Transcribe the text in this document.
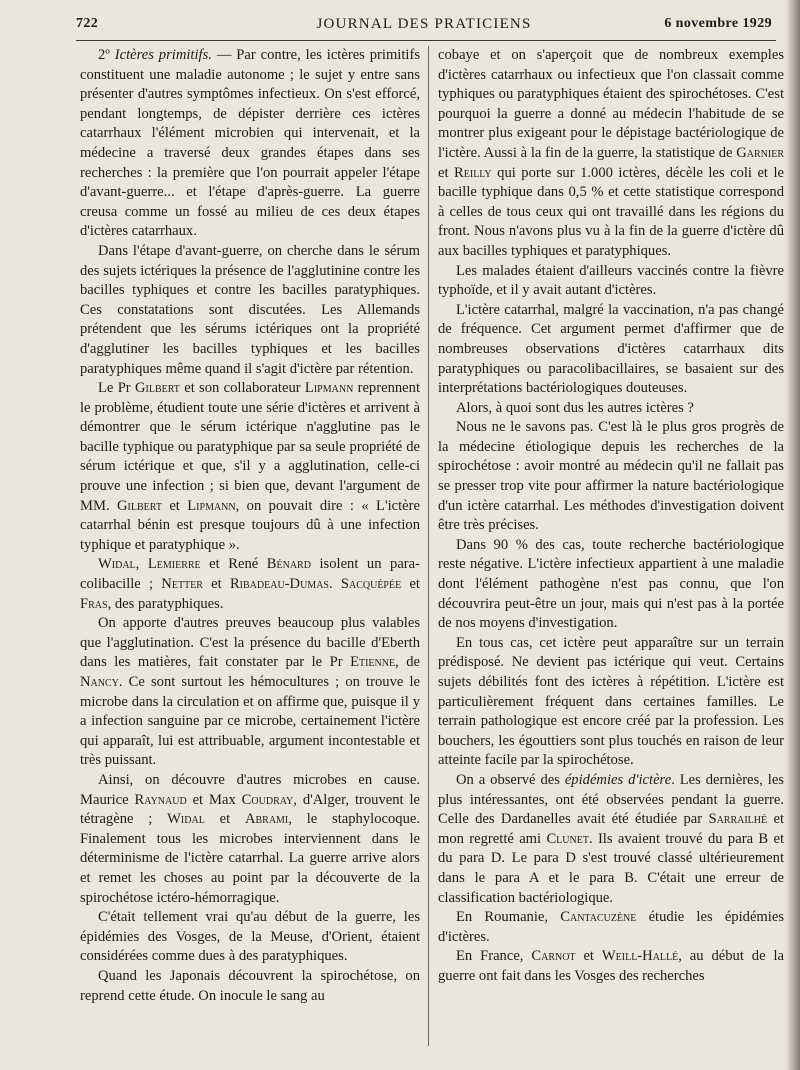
722	JOURNAL DES PRATICIENS	6 novembre 1929

2º Ictères primitifs. — Par contre, les ictères primitifs constituent une maladie autonome ; le sujet y entre sans présenter d'autres symptômes infectieux. On s'est efforcé, pendant longtemps, de dépister derrière ces ictères catarrhaux l'élément microbien qui intervenait, et la médecine a traversé deux grandes étapes dans ses recherches : la première que l'on pourrait appeler l'étape d'avant-guerre... et l'étape d'après-guerre. La guerre creusa comme un fossé au milieu de ces deux étapes d'ictères catarrhaux.

Dans l'étape d'avant-guerre, on cherche dans le sérum des sujets ictériques la présence de l'agglutinine contre les bacilles typhiques et contre les bacilles paratyphiques. Ces constatations sont discutées. Les Allemands prétendent que les sérums ictériques ont la propriété d'agglutiner les bacilles typhiques et les bacilles paratyphiques même quand il s'agit d'ictère par rétention.

Le Pr Gilbert et son collaborateur Lipmann reprennent le problème, étudient toute une série d'ictères et arrivent à démontrer que le sérum ictérique n'agglutine pas le bacille typhique ou paratyphique par sa seule propriété de sérum ictérique et que, s'il y a agglutination, celle-ci prouve une infection ; si bien que, devant l'argument de MM. Gilbert et Lipmann, on pouvait dire : « L'ictère catarrhal bénin est presque toujours dû à une infection typhique et paratyphique ».

Widal, Lemierre et René Bénard isolent un para-colibacille ; Netter et Ribadeau-Dumas. Sacquépée et Fras, des paratyphiques.

On apporte d'autres preuves beaucoup plus valables que l'agglutination. C'est la présence du bacille d'Eberth dans les matières, fait constater par le Pr Etienne, de Nancy. Ce sont surtout les hémocultures ; on trouve le microbe dans la circulation et on affirme que, puisque il y a infection sanguine par ce microbe, certainement l'ictère qui apparaît, lui est attribuable, argument incontestable et très puissant.

Ainsi, on découvre d'autres microbes en cause. Maurice Raynaud et Max Coudray, d'Alger, trouvent le tétragène ; Widal et Abrami, le staphylocoque. Finalement tous les microbes interviennent dans le déterminisme de l'ictère catarrhal. La guerre arrive alors et remet les choses au point par la découverte de la spirochétose ictéro-hémorragique.

C'était tellement vrai qu'au début de la guerre, les épidémies des Vosges, de la Meuse, d'Orient, étaient considérées comme dues à des paratyphiques.

Quand les Japonais découvrent la spirochétose, on reprend cette étude. On inocule le sang au

cobaye et on s'aperçoit que de nombreux exemples d'ictères catarrhaux ou infectieux que l'on classait comme typhiques ou paratyphiques étaient des spirochétoses. C'est pourquoi la guerre a donné au médecin l'habitude de se montrer plus exigeant pour le dépistage bactériologique de l'ictère. Aussi à la fin de la guerre, la statistique de Garnier et Reilly qui porte sur 1.000 ictères, décèle les coli et le bacille typhique dans 0,5 % et cette statistique correspond à celles de tous ceux qui ont travaillé dans les régions du front. Nous n'avons plus vu à la fin de la guerre d'ictère dû aux bacilles typhiques et paratyphiques.

Les malades étaient d'ailleurs vaccinés contre la fièvre typhoïde, et il y avait autant d'ictères.

L'ictère catarrhal, malgré la vaccination, n'a pas changé de fréquence. Cet argument permet d'affirmer que de nombreuses observations d'ictères catarrhaux dits paratyphiques ou paracolibacillaires, se basaient sur des interprétations bactériologiques douteuses.

Alors, à quoi sont dus les autres ictères ?

Nous ne le savons pas. C'est là le plus gros progrès de la médecine étiologique depuis les recherches de la spirochétose : avoir montré au médecin qu'il ne fallait pas se presser trop vite pour affirmer la nature bactériologique d'un ictère catarrhal. Les méthodes d'investigation doivent être très précises.

Dans 90 % des cas, toute recherche bactériologique reste négative. L'ictère infectieux appartient à une maladie dont l'élément pathogène n'est pas connu, que l'on découvrira peut-être un jour, mais qui n'est pas à la portée de nos moyens d'investigation.

En tous cas, cet ictère peut apparaître sur un terrain prédisposé. Ne devient pas ictérique qui veut. Certains sujets débilités font des ictères à répétition. L'ictère est particulièrement fréquent dans certaines familles. Le terrain pathologique est encore créé par la profession. Les bouchers, les égouttiers sont plus touchés en raison de leur atteinte facile par la spirochétose.

On a observé des épidémies d'ictère. Les dernières, les plus intéressantes, ont été observées pendant la guerre. Celle des Dardanelles avait été étudiée par Sarrailhé et mon regretté ami Clunet. Ils avaient trouvé du para B et du para D. Le para D s'est trouvé classé ultérieurement dans le para A et le para B. C'était une erreur de classification bactériologique.

En Roumanie, Cantacuzène étudie les épidémies d'ictères.

En France, Carnot et Weill-Hallé, au début de la guerre ont fait dans les Vosges des recherches
